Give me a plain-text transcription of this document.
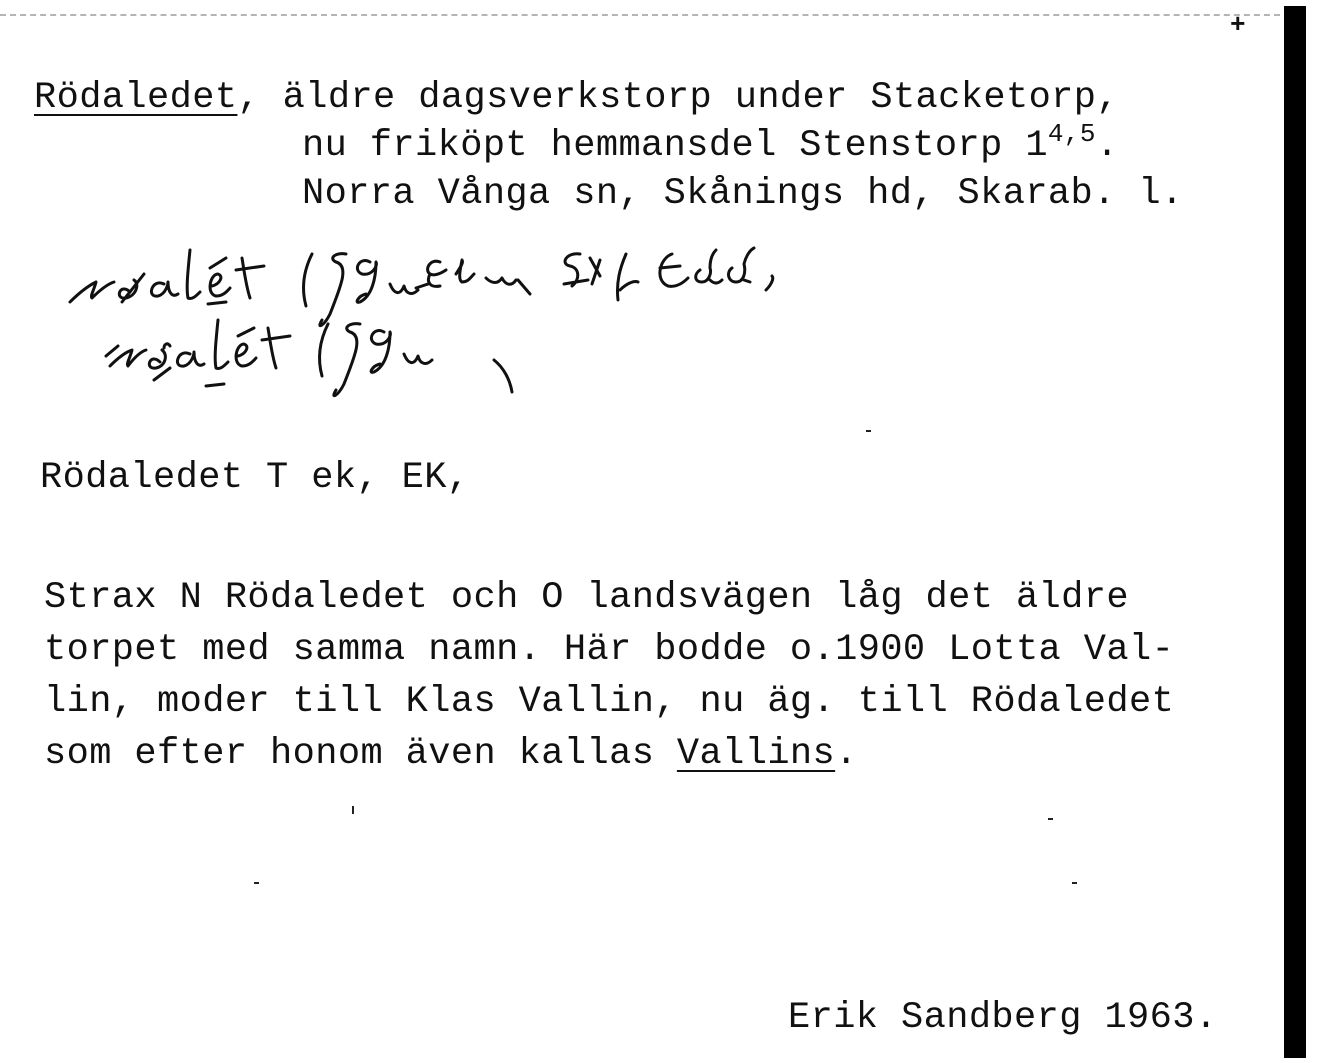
+
Rödaledet, äldre dagsverkstorp under Stacketorp,
nu friköpt hemmansdel Stenstorp 1$^{4,5}$.
Norra Vånga sn, Skånings hd, Skarab. l.
Rödaledet T ek, EK,
Strax N Rödaledet och O landsvägen låg det äldre
torpet med samma namn. Här bodde o.1900 Lotta Val-
lin, moder till Klas Vallin, nu äg. till Rödaledet
som efter honom även kallas Vallins.
Erik Sandberg 1963.
